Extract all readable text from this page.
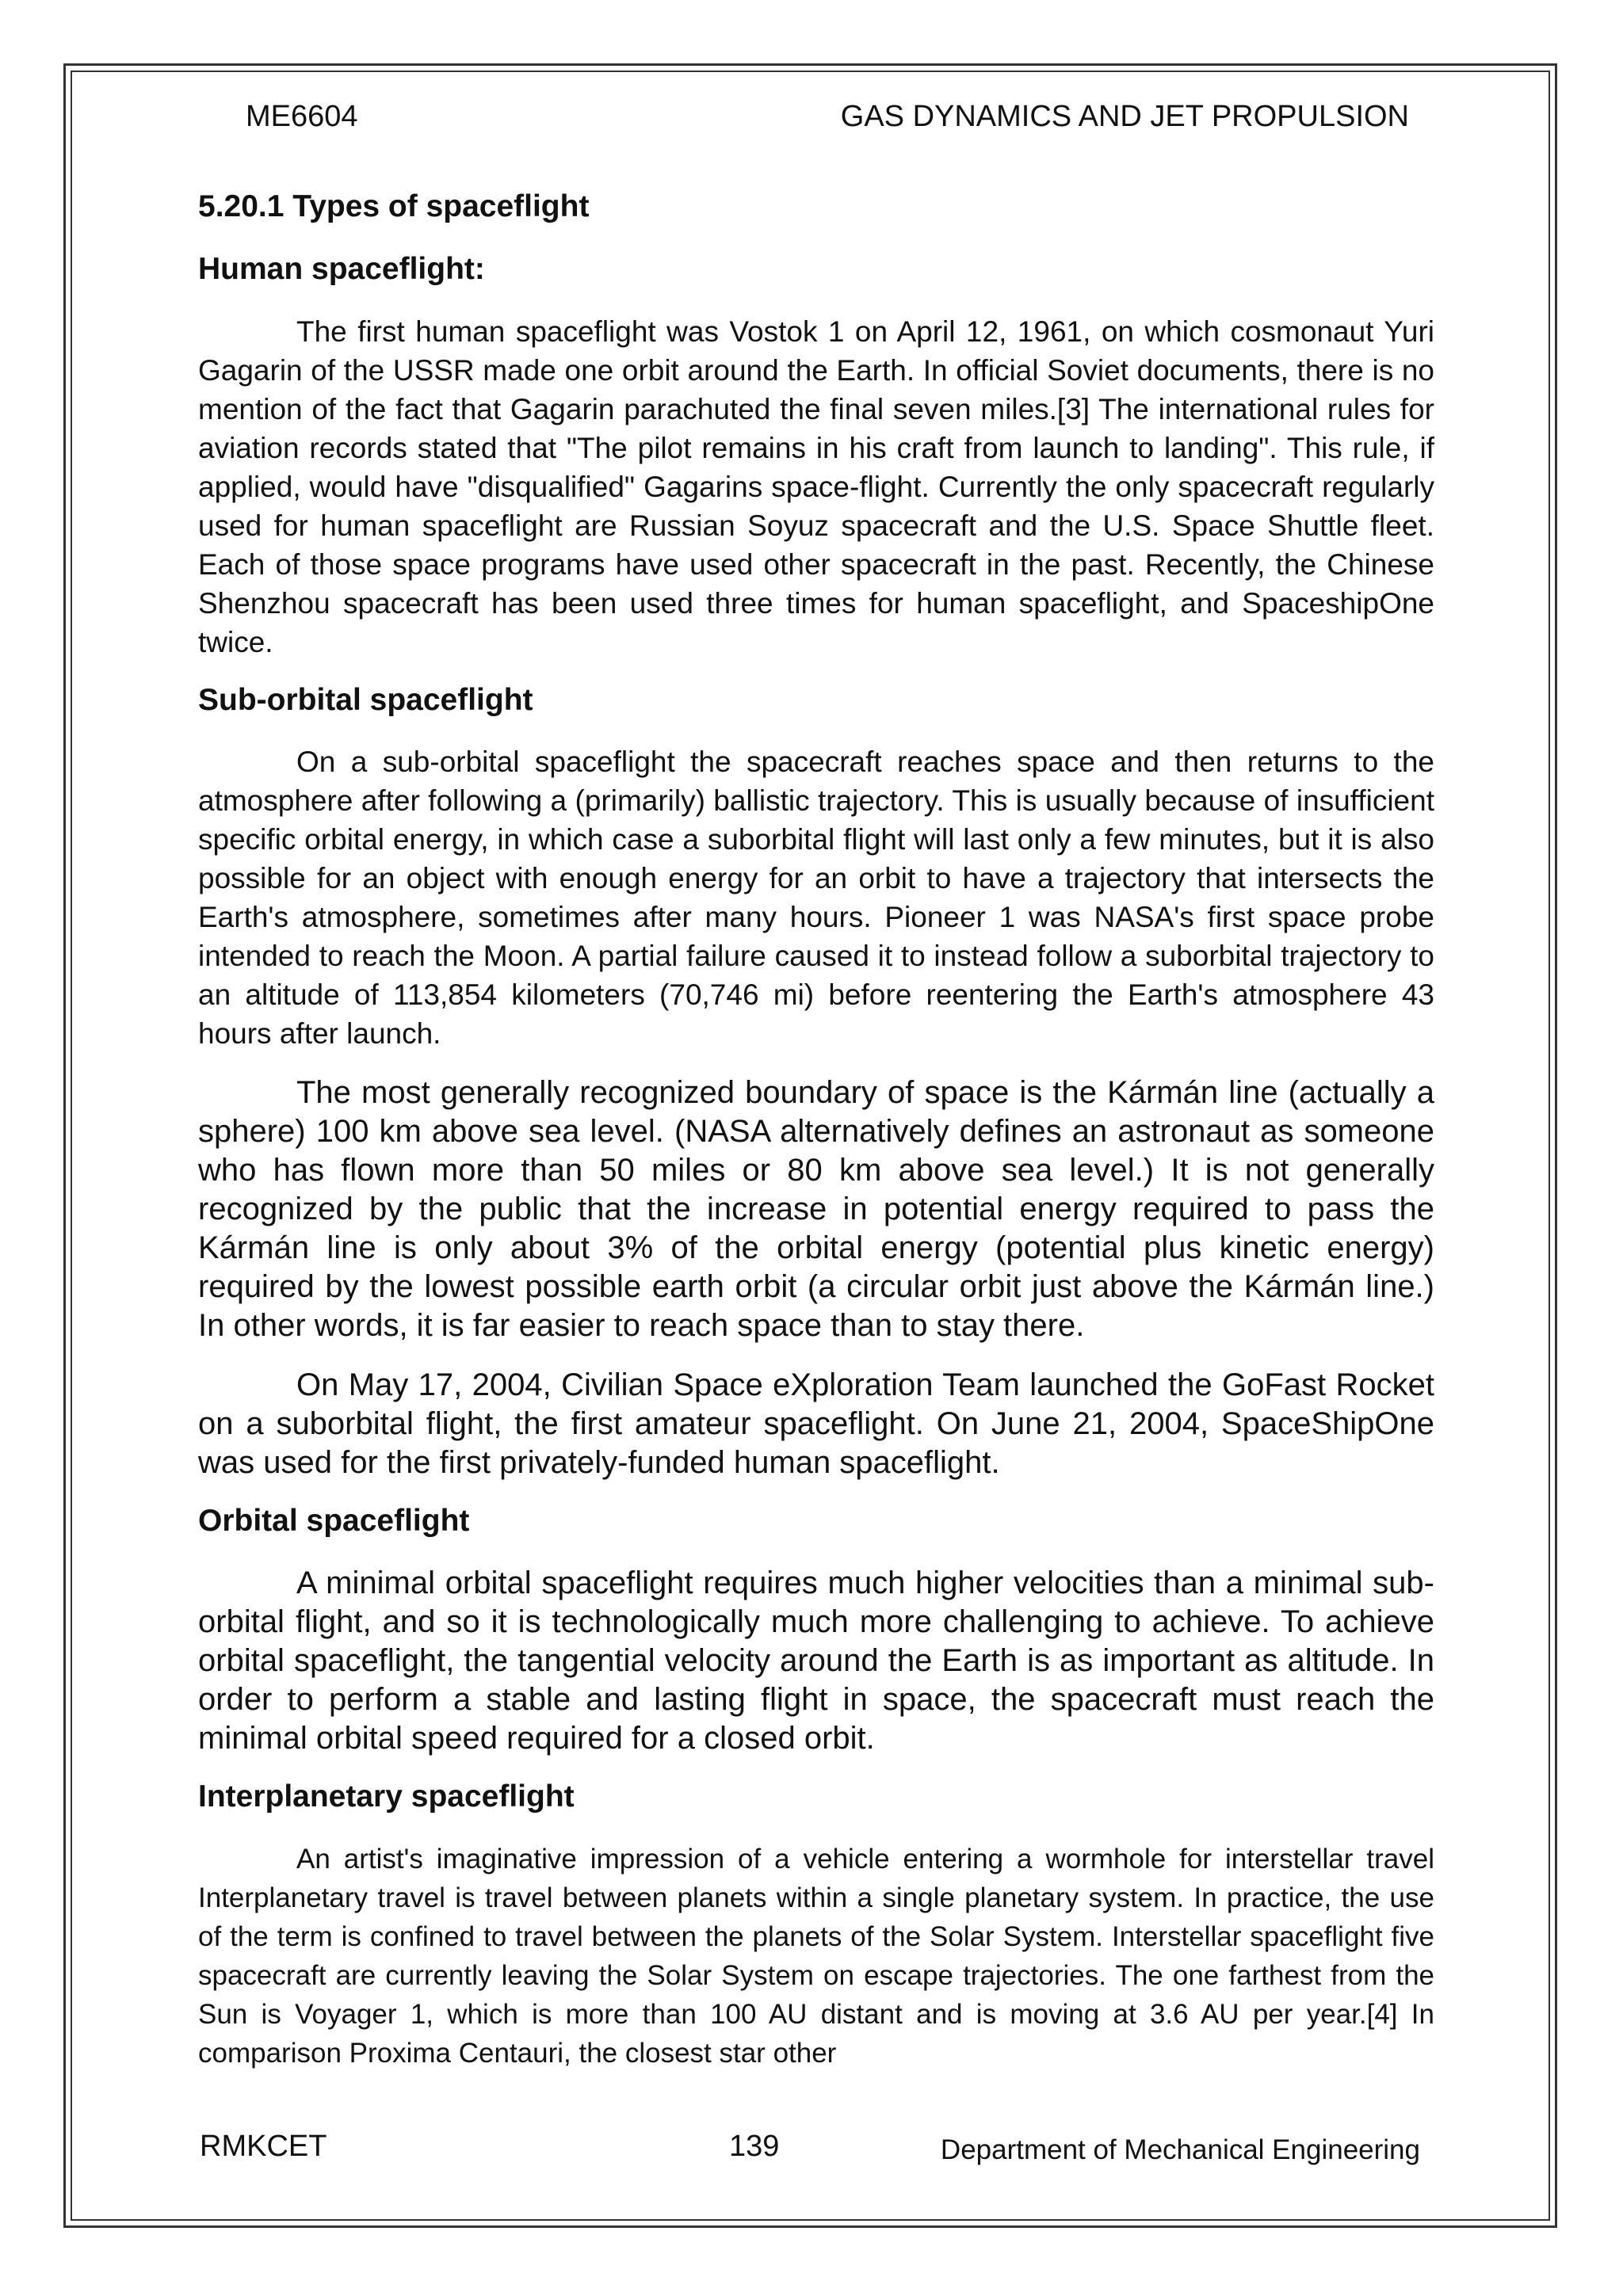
ME6604	GAS DYNAMICS AND JET PROPULSION
5.20.1 Types of spaceflight
Human spaceflight:

The first human spaceflight was Vostok 1 on April 12, 1961, on which cosmonaut Yuri Gagarin of the USSR made one orbit around the Earth. In official Soviet documents, there is no mention of the fact that Gagarin parachuted the final seven miles.[3] The international rules for aviation records stated that "The pilot remains in his craft from launch to landing". This rule, if applied, would have "disqualified" Gagarins space-flight. Currently the only spacecraft regularly used for human spaceflight are Russian Soyuz spacecraft and the U.S. Space Shuttle fleet. Each of those space programs have used other spacecraft in the past. Recently, the Chinese Shenzhou spacecraft has been used three times for human spaceflight, and SpaceshipOne twice.

Sub-orbital spaceflight

On a sub-orbital spaceflight the spacecraft reaches space and then returns to the atmosphere after following a (primarily) ballistic trajectory. This is usually because of insufficient specific orbital energy, in which case a suborbital flight will last only a few minutes, but it is also possible for an object with enough energy for an orbit to have a trajectory that intersects the Earth's atmosphere, sometimes after many hours. Pioneer 1 was NASA's first space probe intended to reach the Moon. A partial failure caused it to instead follow a suborbital trajectory to an altitude of 113,854 kilometers (70,746 mi) before reentering the Earth's atmosphere 43 hours after launch.

The most generally recognized boundary of space is the Kármán line (actually a sphere) 100 km above sea level. (NASA alternatively defines an astronaut as someone who has flown more than 50 miles or 80 km above sea level.) It is not generally recognized by the public that the increase in potential energy required to pass the Kármán line is only about 3% of the orbital energy (potential plus kinetic energy) required by the lowest possible earth orbit (a circular orbit just above the Kármán line.) In other words, it is far easier to reach space than to stay there.

On May 17, 2004, Civilian Space eXploration Team launched the GoFast Rocket on a suborbital flight, the first amateur spaceflight. On June 21, 2004, SpaceShipOne was used for the first privately-funded human spaceflight.

Orbital spaceflight

A minimal orbital spaceflight requires much higher velocities than a minimal sub-orbital flight, and so it is technologically much more challenging to achieve. To achieve orbital spaceflight, the tangential velocity around the Earth is as important as altitude. In order to perform a stable and lasting flight in space, the spacecraft must reach the minimal orbital speed required for a closed orbit.

Interplanetary spaceflight

An artist's imaginative impression of a vehicle entering a wormhole for interstellar travel Interplanetary travel is travel between planets within a single planetary system. In practice, the use of the term is confined to travel between the planets of the Solar System. Interstellar spaceflight five spacecraft are currently leaving the Solar System on escape trajectories. The one farthest from the Sun is Voyager 1, which is more than 100 AU distant and is moving at 3.6 AU per year.[4] In comparison Proxima Centauri, the closest star other

RMKCET	139	Department of Mechanical Engineering
